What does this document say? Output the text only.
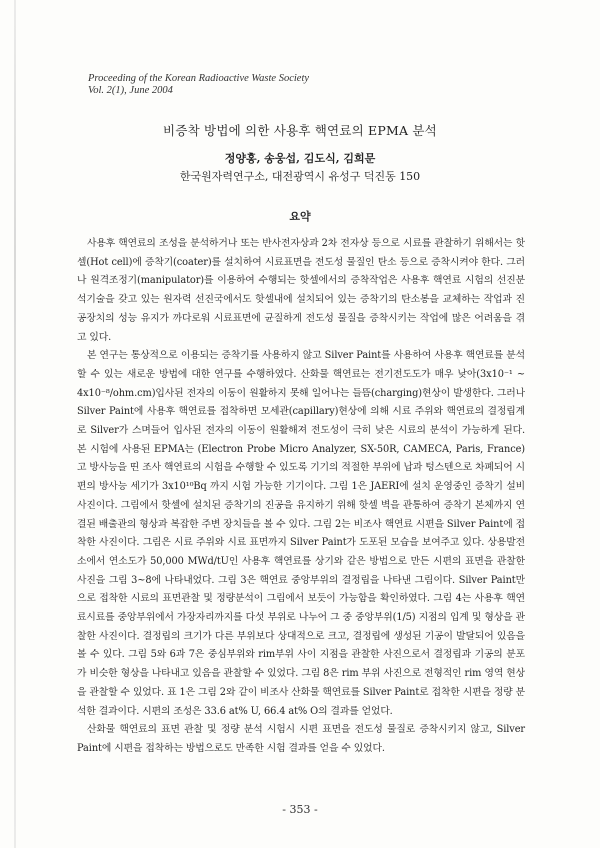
Proceeding of the Korean Radioactive Waste Society
Vol. 2(1), June 2004
비증착 방법에 의한 사용후 핵연료의 EPMA 분석
정양홍, 송웅섭, 김도식, 김희문
한국원자력연구소, 대전광역시 유성구 덕진동 150
요약

사용후 핵연료의 조성을 분석하거나 또는 반사전자상과 2차 전자상 등으로 시료를 관찰하기 위해서는 핫셀(Hot cell)에 증착기(coater)를 설치하여 시료표면을 전도성 물질인 탄소 등으로 증착시켜야 한다. 그러나 원격조정기(manipulator)를 이용하여 수행되는 핫셀에서의 증착작업은 사용후 핵연료 시험의 선진분석기술을 갖고 있는 원자력 선진국에서도 핫셀내에 설치되어 있는 증착기의 탄소봉을 교체하는 작업과 진공장치의 성능 유지가 까다로워 시료표면에 균질하게 전도성 물질을 증착시키는 작업에 많은 어려움을 겪고 있다.

본 연구는 통상적으로 이용되는 증착기를 사용하지 않고 Silver Paint를 사용하여 사용후 핵연료를 분석할 수 있는 새로운 방법에 대한 연구를 수행하였다. 산화물 핵연료는 전기전도도가 매우 낮아(3x10⁻¹ ~ 4x10⁻⁸/ohm.cm)입사된 전자의 이동이 원활하지 못해 일어나는 들뜸(charging)현상이 발생한다. 그러나 Silver Paint에 사용후 핵연료를 접착하면 모세관(capillary)현상에 의해 시료 주위와 핵연료의 결정립계로 Silver가 스며들어 입사된 전자의 이동이 원활해져 전도성이 극히 낮은 시료의 분석이 가능하게 된다. 본 시험에 사용된 EPMA는 (Electron Probe Micro Analyzer, SX-50R, CAMECA, Paris, France) 고 방사능을 띤 조사 핵연료의 시험을 수행할 수 있도록 기기의 적절한 부위에 납과 텅스텐으로 차폐되어 시편의 방사능 세기가 3x10¹⁰Bq 까지 시험 가능한 기기이다. 그림 1은 JAERI에 설치 운영중인 증착기 설비 사진이다. 그림에서 핫셀에 설치된 증착기의 진공을 유지하기 위해 핫셀 벽을 관통하여 증착기 본체까지 연결된 배출관의 형상과 복잡한 주변 장치들을 볼 수 있다. 그림 2는 비조사 핵연료 시편을 Silver Paint에 접착한 사진이다. 그림은 시료 주위와 시료 표면까지 Silver Paint가 도포된 모습을 보여주고 있다. 상용발전소에서 연소도가 50,000 MWd/tU인 사용후 핵연료를 상기와 같은 방법으로 만든 시편의 표면을 관찰한 사진을 그림 3~8에 나타내었다. 그림 3은 핵연료 중앙부위의 결정립을 나타낸 그림이다. Silver Paint만으로 접착한 시료의 표면관찰 및 정량분석이 그림에서 보듯이 가능함을 확인하였다. 그림 4는 사용후 핵연료시료를 중앙부위에서 가장자리까지를 다섯 부위로 나누어 그 중 중앙부위(1/5) 지점의 입계 및 형상을 관찰한 사진이다. 결정립의 크기가 다른 부위보다 상대적으로 크고, 결정립에 생성된 기공이 발달되어 있음을 볼 수 있다. 그림 5와 6과 7은 중심부위와 rim부위 사이 지점을 관찰한 사진으로서 결정립과 기공의 분포가 비슷한 형상을 나타내고 있음을 관찰할 수 있었다. 그림 8은 rim 부위 사진으로 전형적인 rim 영역 현상을 관찰할 수 있었다. 표 1은 그림 2와 같이 비조사 산화물 핵연료를 Silver Paint로 접착한 시편을 정량 분석한 결과이다. 시편의 조성은 33.6 at% U, 66.4 at% O의 결과를 얻었다.

산화물 핵연료의 표면 관찰 및 정량 분석 시험시 시편 표면을 전도성 물질로 증착시키지 않고, Silver Paint에 시편을 접착하는 방법으로도 만족한 시험 결과를 얻을 수 있었다.

- 353 -
